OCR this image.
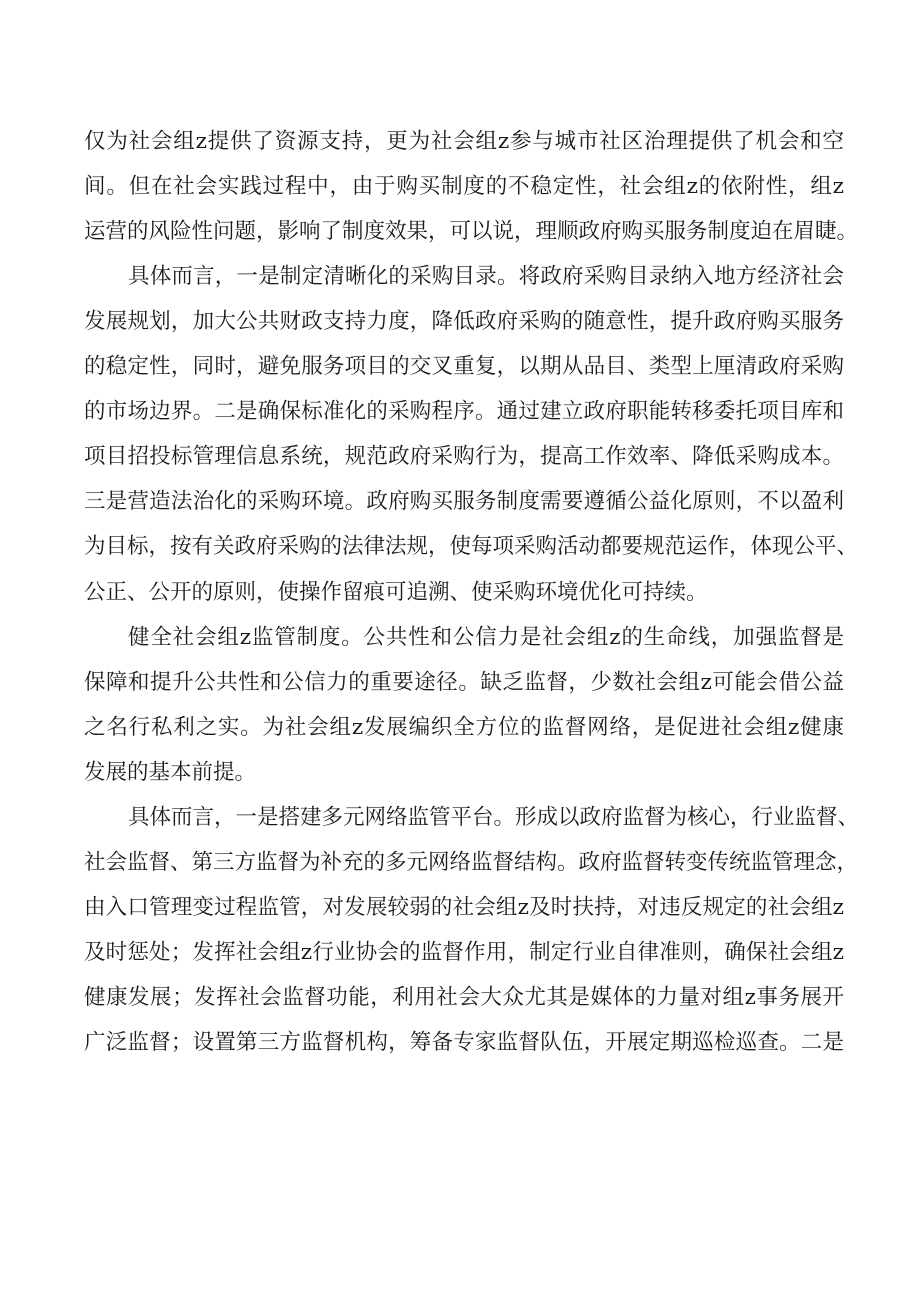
仅为社会组z提供了资源支持，更为社会组z参与城市社区治理提供了机会和空
间。但在社会实践过程中，由于购买制度的不稳定性，社会组z的依附性，组z
运营的风险性问题，影响了制度效果，可以说，理顺政府购买服务制度迫在眉睫。
具体而言，一是制定清晰化的采购目录。将政府采购目录纳入地方经济社会
发展规划，加大公共财政支持力度，降低政府采购的随意性，提升政府购买服务
的稳定性，同时，避免服务项目的交叉重复，以期从品目、类型上厘清政府采购
的市场边界。二是确保标准化的采购程序。通过建立政府职能转移委托项目库和
项目招投标管理信息系统，规范政府采购行为，提高工作效率、降低采购成本。
三是营造法治化的采购环境。政府购买服务制度需要遵循公益化原则，不以盈利
为目标，按有关政府采购的法律法规，使每项采购活动都要规范运作，体现公平、
公正、公开的原则，使操作留痕可追溯、使采购环境优化可持续。
健全社会组z监管制度。公共性和公信力是社会组z的生命线，加强监督是
保障和提升公共性和公信力的重要途径。缺乏监督，少数社会组z可能会借公益
之名行私利之实。为社会组z发展编织全方位的监督网络，是促进社会组z健康
发展的基本前提。
具体而言，一是搭建多元网络监管平台。形成以政府监督为核心，行业监督、
社会监督、第三方监督为补充的多元网络监督结构。政府监督转变传统监管理念，
由入口管理变过程监管，对发展较弱的社会组z及时扶持，对违反规定的社会组z
及时惩处；发挥社会组z行业协会的监督作用，制定行业自律准则，确保社会组z
健康发展；发挥社会监督功能，利用社会大众尤其是媒体的力量对组z事务展开
广泛监督；设置第三方监督机构，筹备专家监督队伍，开展定期巡检巡查。二是
